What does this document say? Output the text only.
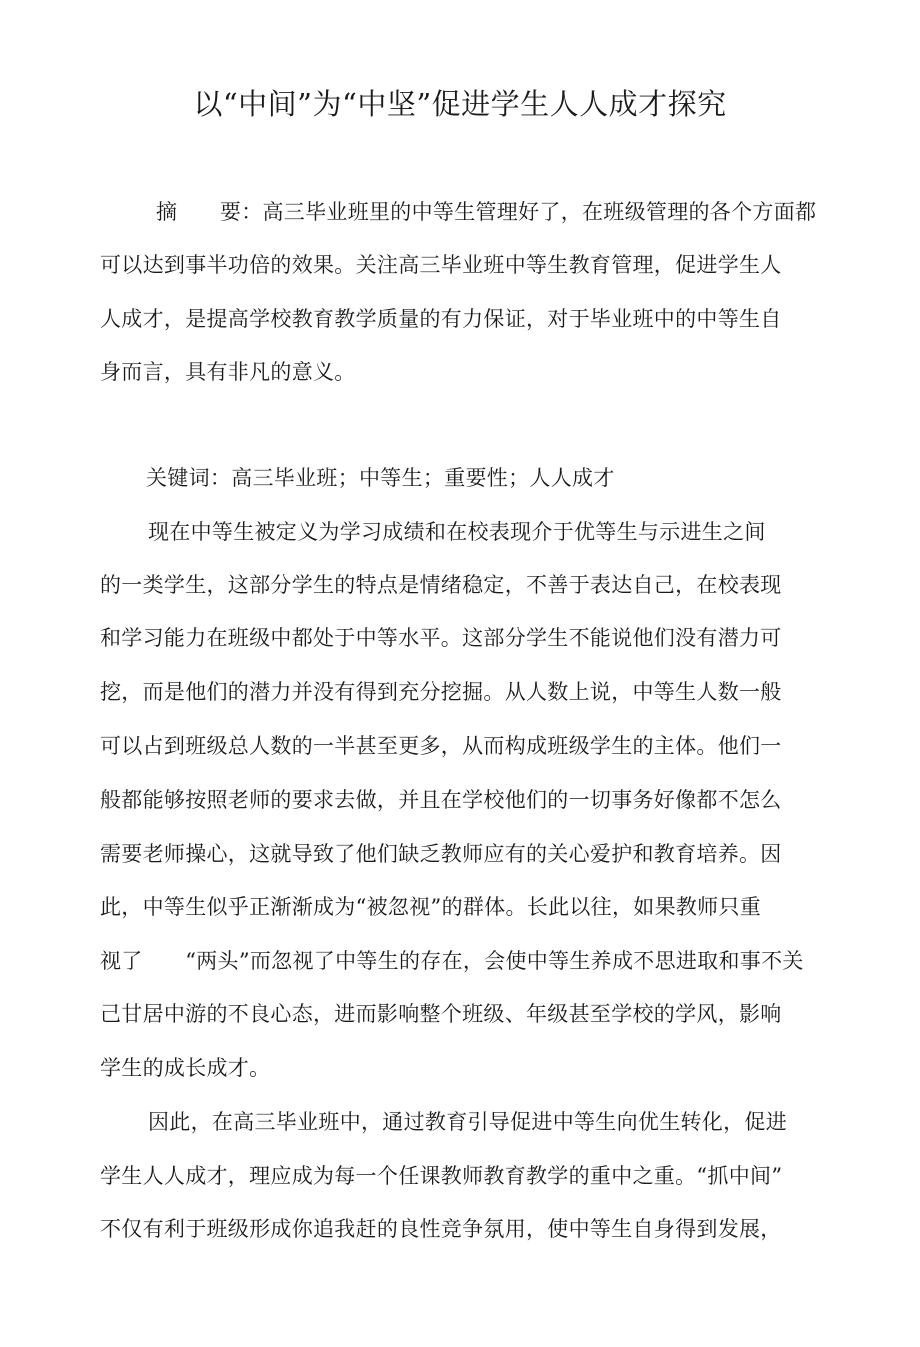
以“中间”为“中坚”促进学生人人成才探究
摘　　要：高三毕业班里的中等生管理好了，在班级管理的各个方面都
可以达到事半功倍的效果。关注高三毕业班中等生教育管理，促进学生人
人成才，是提高学校教育教学质量的有力保证，对于毕业班中的中等生自
身而言，具有非凡的意义。
关键词：高三毕业班；中等生；重要性；人人成才
现在中等生被定义为学习成绩和在校表现介于优等生与示进生之间
的一类学生，这部分学生的特点是情绪稳定，不善于表达自己，在校表现
和学习能力在班级中都处于中等水平。这部分学生不能说他们没有潜力可
挖，而是他们的潜力并没有得到充分挖掘。从人数上说，中等生人数一般
可以占到班级总人数的一半甚至更多，从而构成班级学生的主体。他们一
般都能够按照老师的要求去做，并且在学校他们的一切事务好像都不怎么
需要老师操心，这就导致了他们缺乏教师应有的关心爱护和教育培养。因
此，中等生似乎正渐渐成为“被忽视”的群体。长此以往，如果教师只重
视了　　“两头”而忽视了中等生的存在，会使中等生养成不思进取和事不关
己甘居中游的不良心态，进而影响整个班级、年级甚至学校的学风，影响
学生的成长成才。
因此，在高三毕业班中，通过教育引导促进中等生向优生转化，促进
学生人人成才，理应成为每一个任课教师教育教学的重中之重。“抓中间”
不仅有利于班级形成你追我赶的良性竞争氛用，使中等生自身得到发展，
